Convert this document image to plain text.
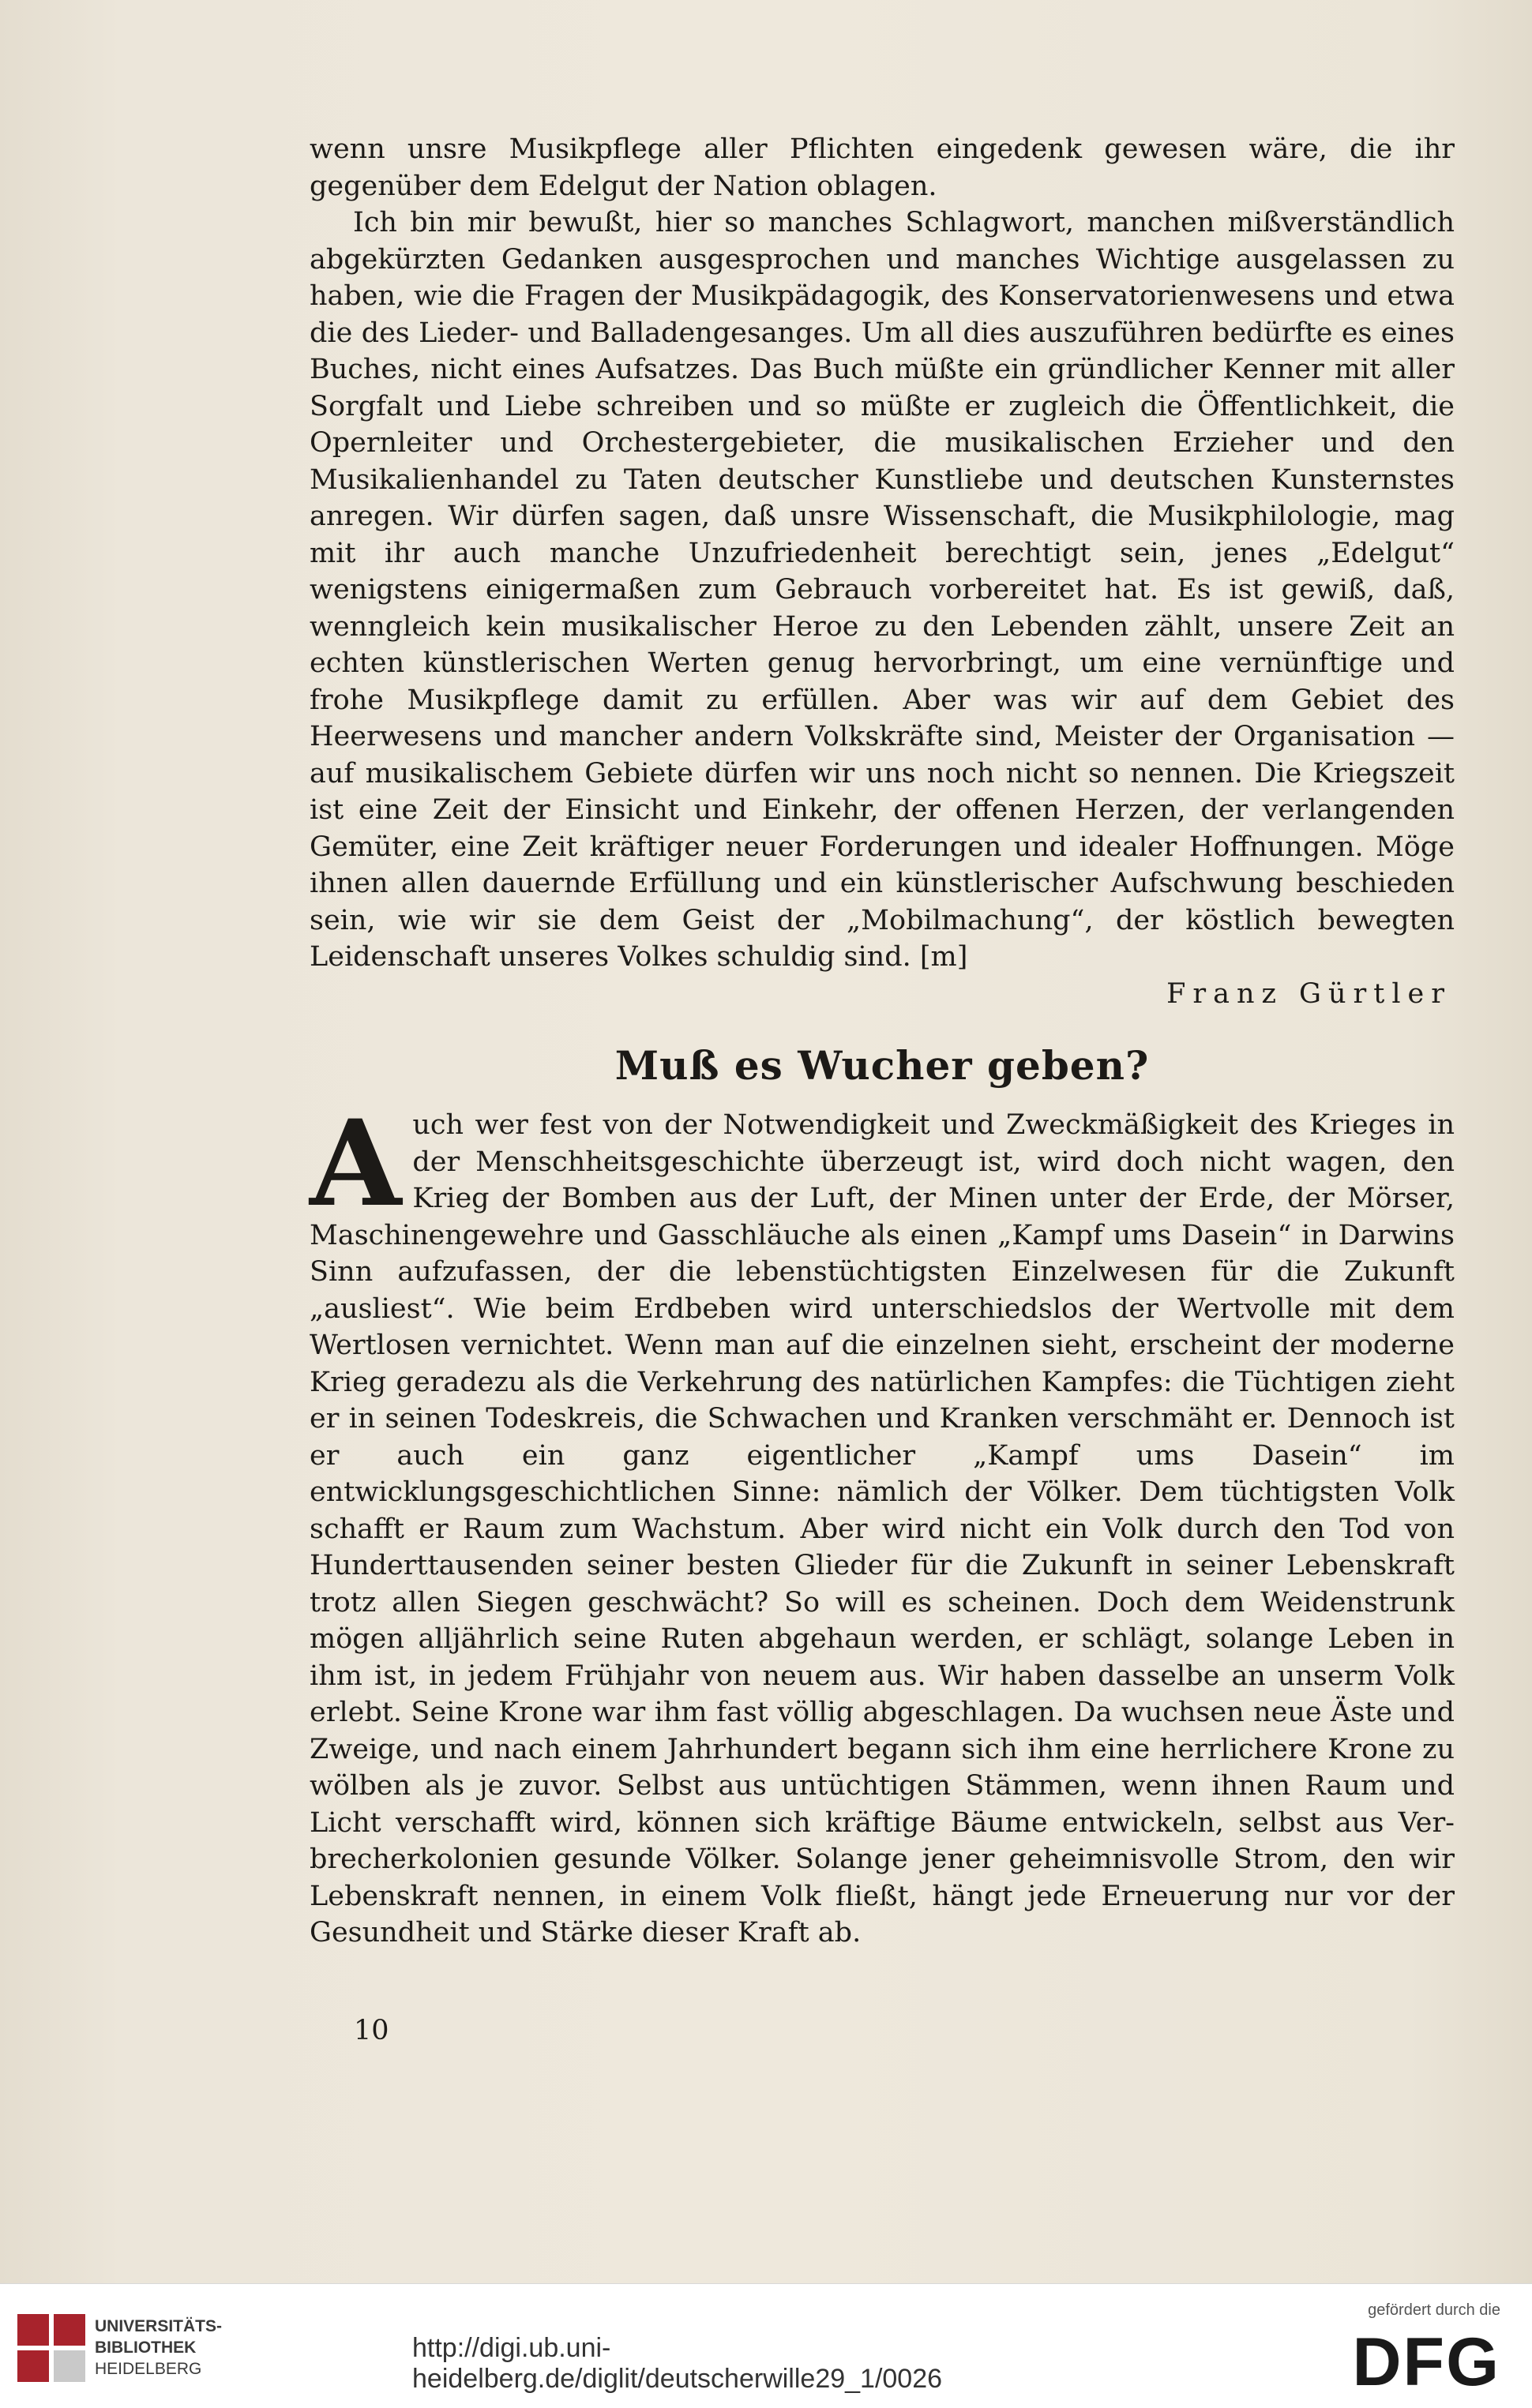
wenn unsre Musikpflege aller Pflichten eingedenk gewesen wäre, die ihr gegenüber dem Edelgut der Nation oblagen.

Ich bin mir bewußt, hier so manches Schlagwort, manchen mißverständlich abgekürzten Gedanken ausgesprochen und manches Wichtige ausgelassen zu haben, wie die Fragen der Musikpädagogik, des Konservatorienwesens und etwa die des Lieder- und Balladengesanges. Um all dies auszuführen bedürfte es eines Buches, nicht eines Aufsatzes. Das Buch müßte ein gründlicher Kenner mit aller Sorgfalt und Liebe schreiben und so müßte er zugleich die Öffentlichkeit, die Opernleiter und Orchestergebieter, die musikalischen Erzieher und den Musikalienhandel zu Taten deutscher Kunstliebe und deutschen Kunsternstes anregen. Wir dürfen sagen, daß unsre Wissenschaft, die Musikphilologie, mag mit ihr auch manche Unzufriedenheit berechtigt sein, jenes „Edelgut“ wenigstens einigermaßen zum Gebrauch vorbereitet hat. Es ist gewiß, daß, wenngleich kein musikalischer Heroe zu den Lebenden zählt, unsere Zeit an echten künstlerischen Werten genug hervorbringt, um eine vernünftige und frohe Musikpflege damit zu erfüllen. Aber was wir auf dem Gebiet des Heerwesens und mancher andern Volkskräfte sind, Meister der Organisation — auf musikalischem Gebiete dürfen wir uns noch nicht so nennen. Die Kriegszeit ist eine Zeit der Einsicht und Einkehr, der offenen Herzen, der verlangenden Gemüter, eine Zeit kräftiger neuer Forderungen und idealer Hoffnungen. Möge ihnen allen dauernde Erfüllung und ein künstlerischer Aufschwung beschieden sein, wie wir sie dem Geist der „Mobilmachung“, der köstlich bewegten Leidenschaft unseres Volkes schuldig sind. [m]

Franz Gürtler

Muß es Wucher geben?

Auch wer fest von der Notwendigkeit und Zweckmäßigkeit des Krieges in der Menschheitsgeschichte überzeugt ist, wird doch nicht wagen, den Krieg der Bomben aus der Luft, der Minen unter der Erde, der Mörser, Maschinengewehre und Gasschläuche als einen „Kampf ums Dasein“ in Darwins Sinn aufzufassen, der die lebenstüchtigsten Einzelwesen für die Zukunft „ausliest“. Wie beim Erdbeben wird unterschiedslos der Wertvolle mit dem Wertlosen vernichtet. Wenn man auf die einzelnen sieht, erscheint der moderne Krieg geradezu als die Verkehrung des natürlichen Kampfes: die Tüchtigen zieht er in seinen Todeskreis, die Schwachen und Kranken verschmäht er. Dennoch ist er auch ein ganz eigentlicher „Kampf ums Dasein“ im entwicklungsgeschichtlichen Sinne: nämlich der Völker. Dem tüchtigsten Volk schafft er Raum zum Wachstum. Aber wird nicht ein Volk durch den Tod von Hunderttausenden seiner besten Glieder für die Zukunft in seiner Lebenskraft trotz allen Siegen geschwächt? So will es scheinen. Doch dem Weidenstrunk mögen alljährlich seine Ruten abgehaun werden, er schlägt, solange Leben in ihm ist, in jedem Frühjahr von neuem aus. Wir haben dasselbe an unserm Volk erlebt. Seine Krone war ihm fast völlig abgeschlagen. Da wuchsen neue Äste und Zweige, und nach einem Jahrhundert begann sich ihm eine herrlichere Krone zu wölben als je zuvor. Selbst aus untüchtigen Stämmen, wenn ihnen Raum und Licht verschafft wird, können sich kräftige Bäume entwickeln, selbst aus Verbrecherkolonien gesunde Völker. Solange jener geheimnisvolle Strom, den wir Lebenskraft nennen, in einem Volk fließt, hängt jede Erneuerung nur vor der Gesundheit und Stärke dieser Kraft ab.

10
UNIVERSITÄTS-
BIBLIOTHEK
HEIDELBERG
http://digi.ub.uni-heidelberg.de/diglit/deutscherwille29_1/0026
gefördert durch die
DFG
